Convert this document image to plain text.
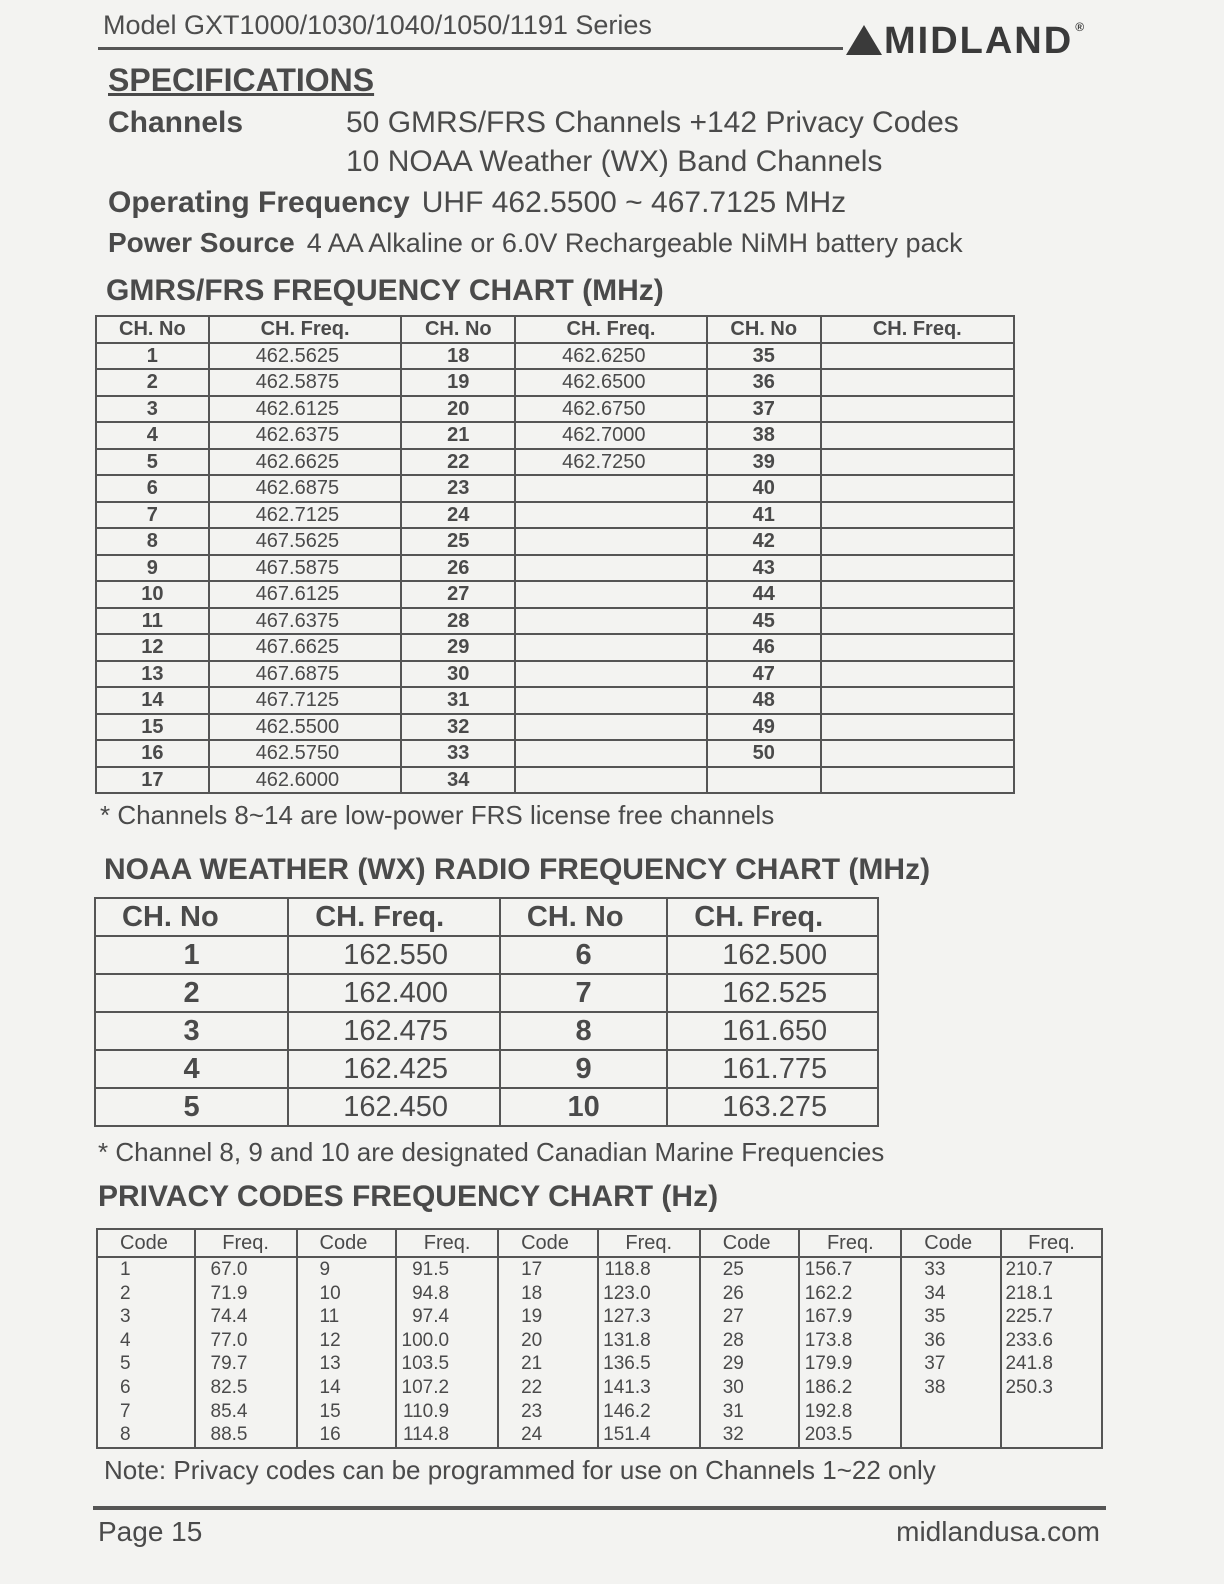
Model GXT1000/1030/1040/1050/1191 Series	MIDLAND ®
SPECIFICATIONS
Channels	50 GMRS/FRS Channels +142 Privacy Codes
10 NOAA Weather (WX) Band Channels
Operating Frequency UHF 462.5500 ~ 467.7125 MHz
Power Source 4 AA Alkaline or 6.0V Rechargeable NiMH battery pack
GMRS/FRS FREQUENCY CHART (MHz)
CH. No	CH. Freq.	CH. No	CH. Freq.	CH. No	CH. Freq.
1	462.5625	18	462.6250	35	
2	462.5875	19	462.6500	36	
3	462.6125	20	462.6750	37	
4	462.6375	21	462.7000	38	
5	462.6625	22	462.7250	39	
6	462.6875	23		40	
7	462.7125	24		41	
8	467.5625	25		42	
9	467.5875	26		43	
10	467.6125	27		44	
11	467.6375	28		45	
12	467.6625	29		46	
13	467.6875	30		47	
14	467.7125	31		48	
15	462.5500	32		49	
16	462.5750	33		50	
17	462.6000	34			
* Channels 8~14 are low-power FRS license free channels
NOAA WEATHER (WX) RADIO FREQUENCY CHART (MHz)
CH. No	CH. Freq.	CH. No	CH. Freq.
1	162.550	6	162.500
2	162.400	7	162.525
3	162.475	8	161.650
4	162.425	9	161.775
5	162.450	10	163.275
* Channel 8, 9 and 10 are designated Canadian Marine Frequencies
PRIVACY CODES FREQUENCY CHART (Hz)
Code	Freq.	Code	Freq.	Code	Freq.	Code	Freq.	Code	Freq.
1	67.0	9	91.5	17	118.8	25	156.7	33	210.7
2	71.9	10	94.8	18	123.0	26	162.2	34	218.1
3	74.4	11	97.4	19	127.3	27	167.9	35	225.7
4	77.0	12	100.0	20	131.8	28	173.8	36	233.6
5	79.7	13	103.5	21	136.5	29	179.9	37	241.8
6	82.5	14	107.2	22	141.3	30	186.2	38	250.3
7	85.4	15	110.9	23	146.2	31	192.8		
8	88.5	16	114.8	24	151.4	32	203.5		
Note: Privacy codes can be programmed for use on Channels 1~22 only
Page 15	midlandusa.com
